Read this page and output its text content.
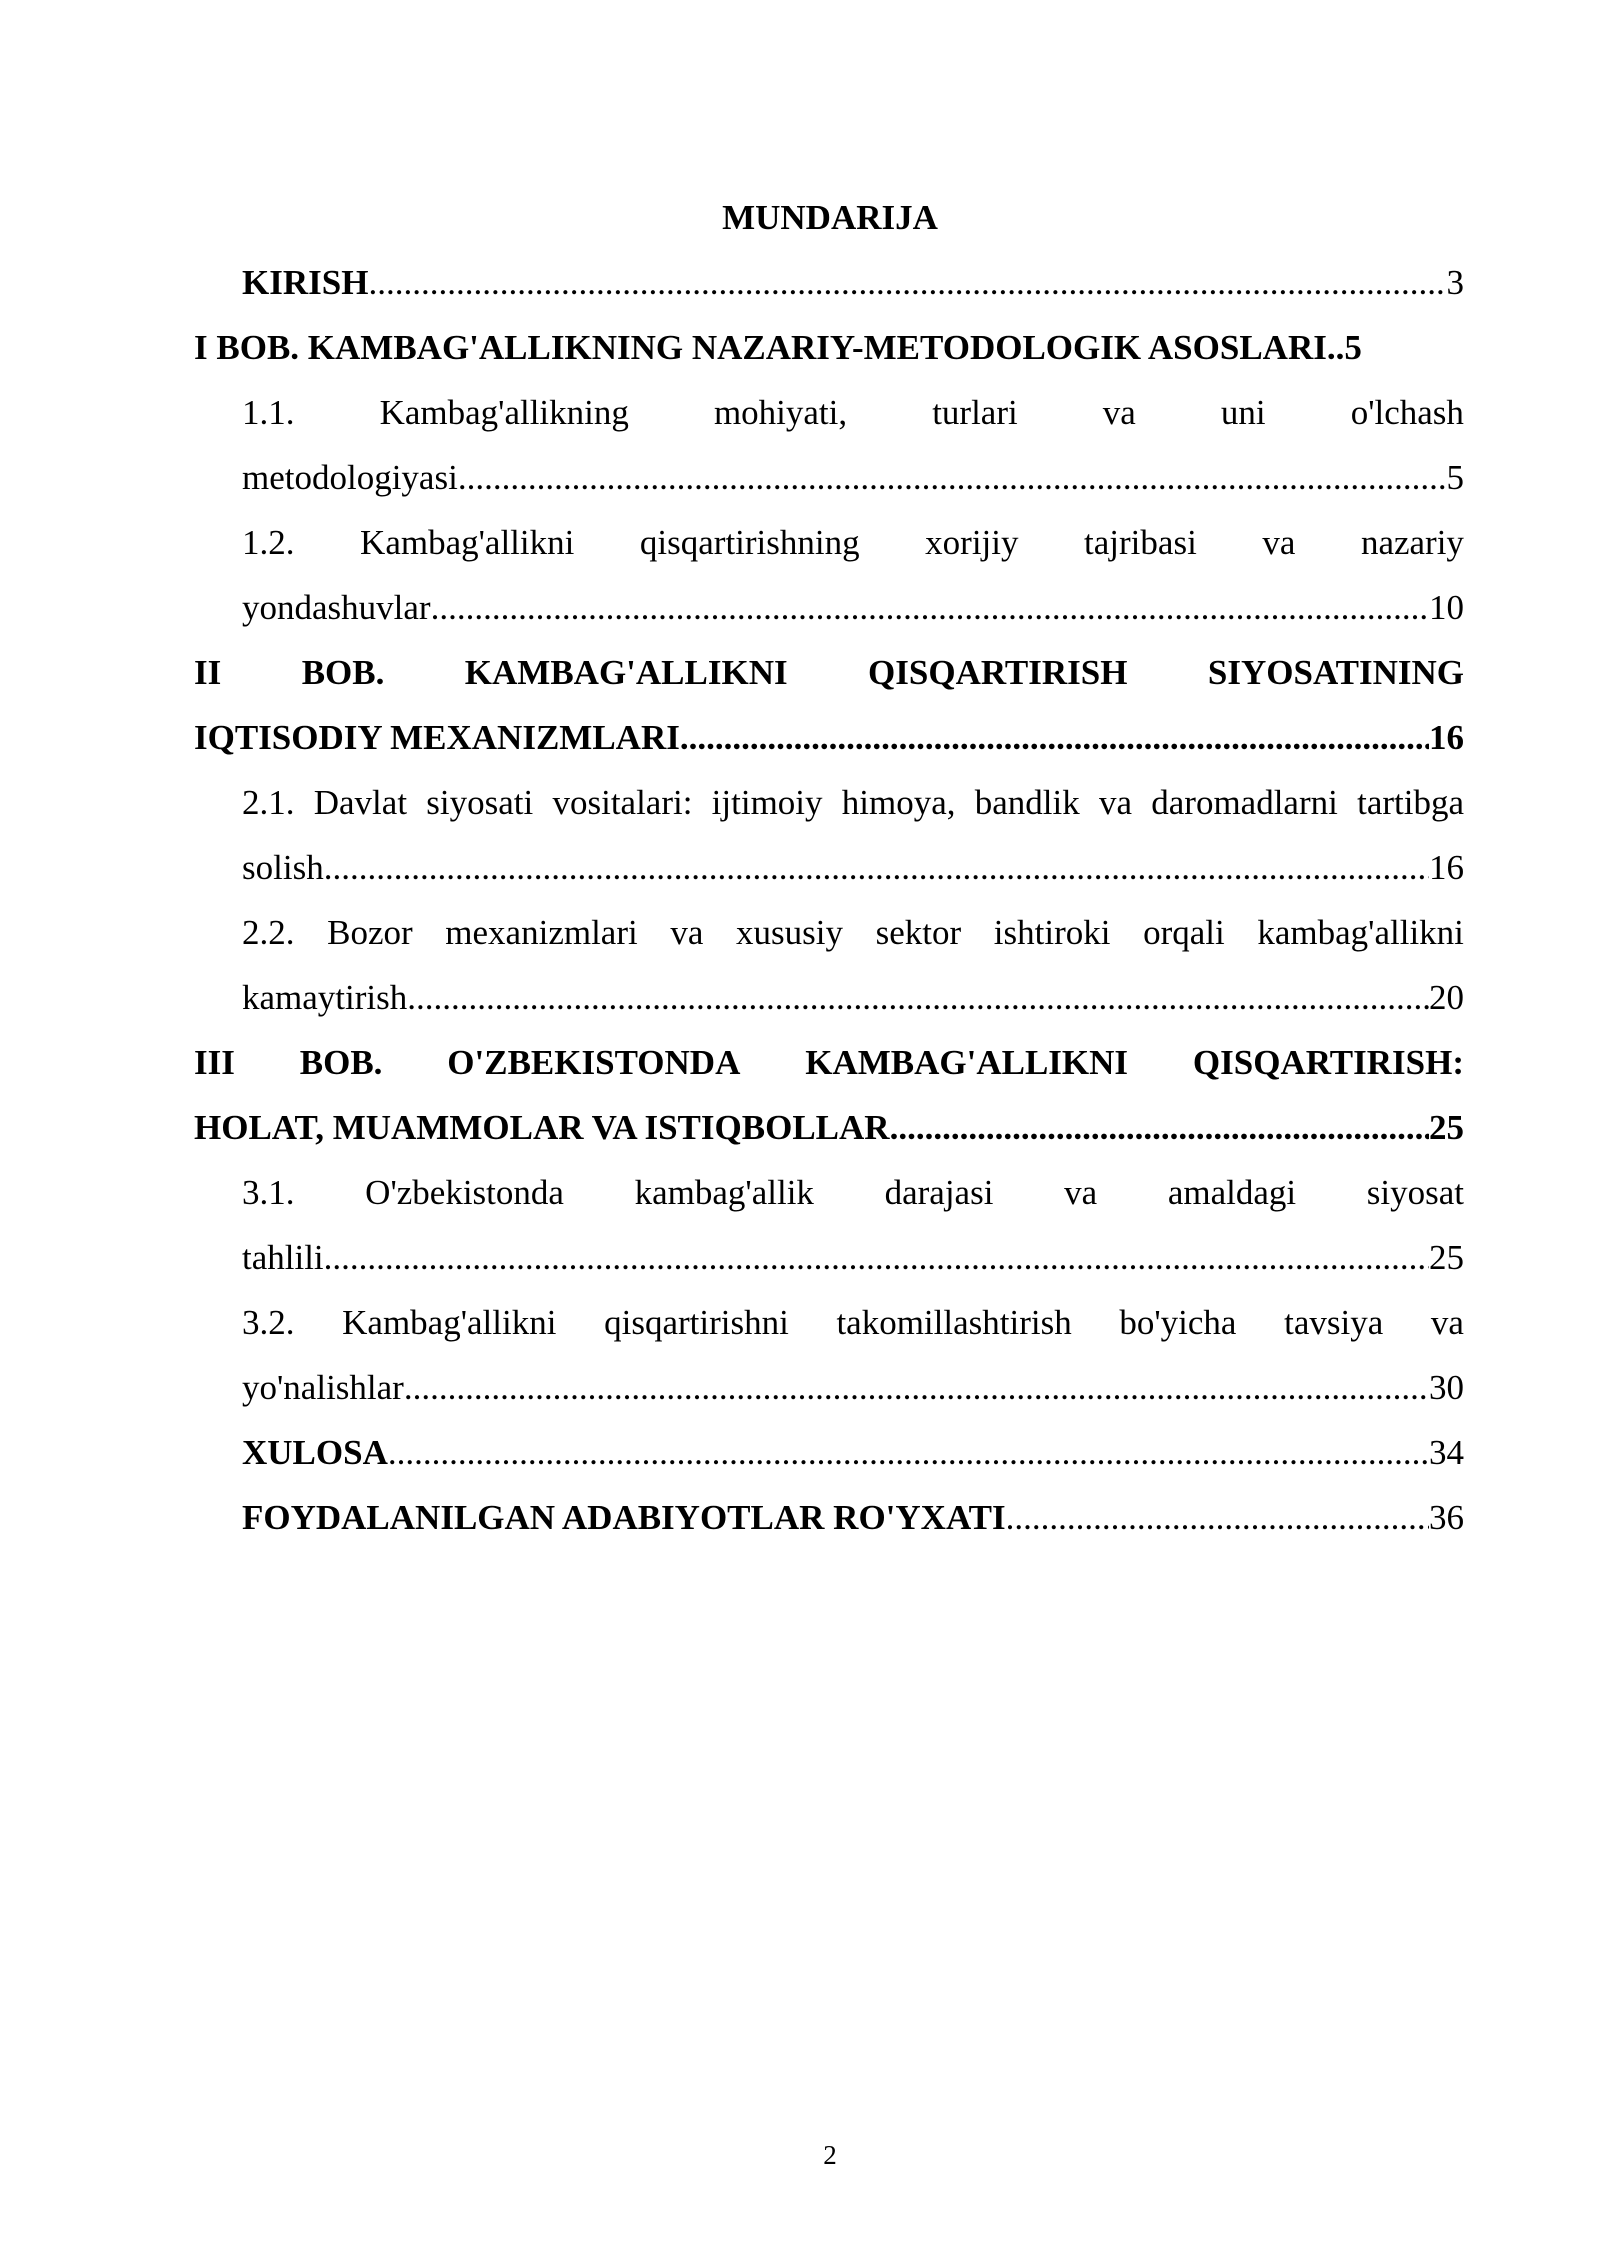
MUNDARIJA
KIRISH .....	3
I BOB. KAMBAG'ALLIKNING NAZARIY-METODOLOGIK ASOSLARI. .5
1.1. Kambag'allikning mohiyati, turlari va uni o'lchash
metodologiyasi .....	5
1.2. Kambag'allikni qisqartirishning xorijiy tajribasi va nazariy
yondashuvlar .....	10
II BOB. KAMBAG'ALLIKNI QISQARTIRISH SIYOSATINING
IQTISODIY MEXANIZMLARI .....	16
2.1. Davlat siyosati vositalari: ijtimoiy himoya, bandlik va daromadlarni tartibga
solish .....	16
2.2. Bozor mexanizmlari va xususiy sektor ishtiroki orqali kambag'allikni
kamaytirish .....	20
III BOB. O'ZBEKISTONDA KAMBAG'ALLIKNI QISQARTIRISH:
HOLAT, MUAMMOLAR VA ISTIQBOLLAR .....	25
3.1. O'zbekistonda kambag'allik darajasi va amaldagi siyosat
tahlili .....	25
3.2. Kambag'allikni qisqartirishni takomillashtirish bo'yicha tavsiya va
yo'nalishlar .....	30
XULOSA .....	34
FOYDALANILGAN ADABIYOTLAR RO'YXATI .....	36
2
